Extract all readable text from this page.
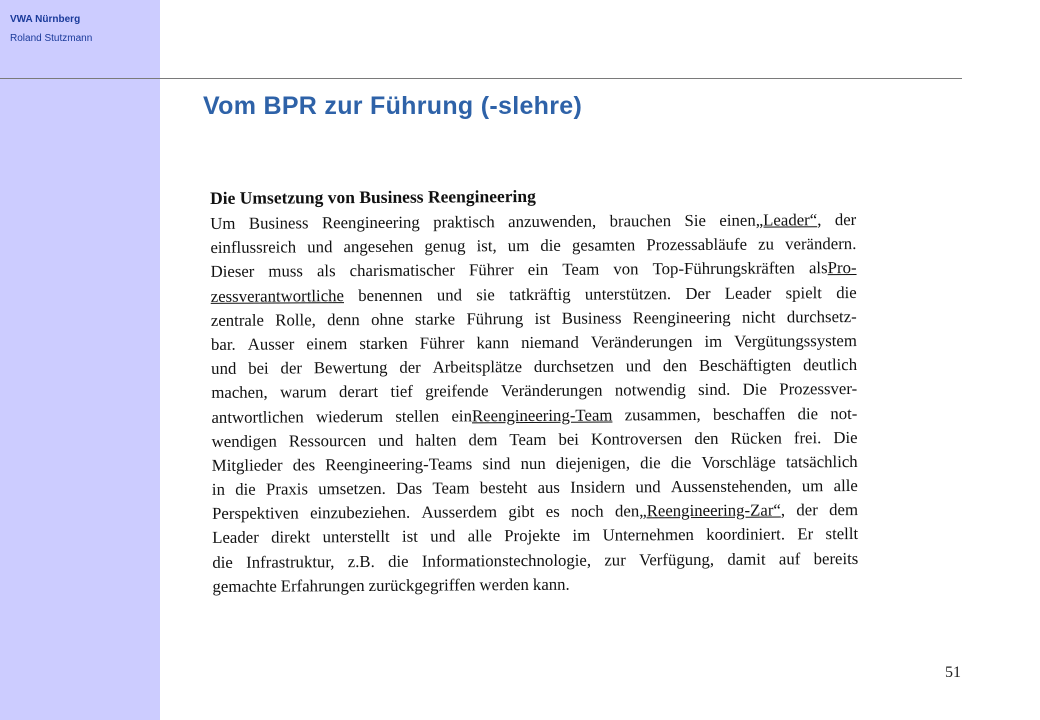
VWA Nürnberg
Roland Stutzmann
Vom BPR zur Führung (-slehre)
Die Umsetzung von Business Reengineering
Um Business Reengineering praktisch anzuwenden, brauchen Sie einen„Leader“, der
einflussreich und angesehen genug ist, um die gesamten Prozessabläufe zu verändern.
Dieser muss als charismatischer Führer ein Team von Top-Führungskräften alsPro-
zessverantwortliche benennen und sie tatkräftig unterstützen. Der Leader spielt die
zentrale Rolle, denn ohne starke Führung ist Business Reengineering nicht durchsetz-
bar. Ausser einem starken Führer kann niemand Veränderungen im Vergütungssystem
und bei der Bewertung der Arbeitsplätze durchsetzen und den Beschäftigten deutlich
machen, warum derart tief greifende Veränderungen notwendig sind. Die Prozessver-
antwortlichen wiederum stellen einReengineering-Team zusammen, beschaffen die not-
wendigen Ressourcen und halten dem Team bei Kontroversen den Rücken frei. Die
Mitglieder des Reengineering-Teams sind nun diejenigen, die die Vorschläge tatsächlich
in die Praxis umsetzen. Das Team besteht aus Insidern und Aussenstehenden, um alle
Perspektiven einzubeziehen. Ausserdem gibt es noch den„Reengineering-Zar“, der dem
Leader direkt unterstellt ist und alle Projekte im Unternehmen koordiniert. Er stellt
die Infrastruktur, z.B. die Informationstechnologie, zur Verfügung, damit auf bereits
gemachte Erfahrungen zurückgegriffen werden kann.
51
